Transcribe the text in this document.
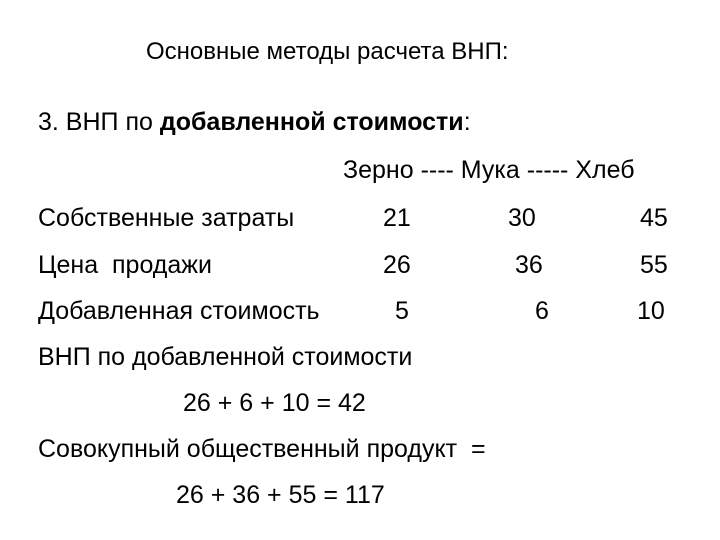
Основные методы расчета ВНП:
3. ВНП по добавленной стоимости:
Зерно ---- Мука ----- Хлеб
Собственные затраты	21	30	45
Цена  продажи	26	36	55
Добавленная стоимость	5	6	10
ВНП по добавленной стоимости
26 + 6 + 10 = 42
Совокупный общественный продукт  =
26 + 36 + 55 = 117
